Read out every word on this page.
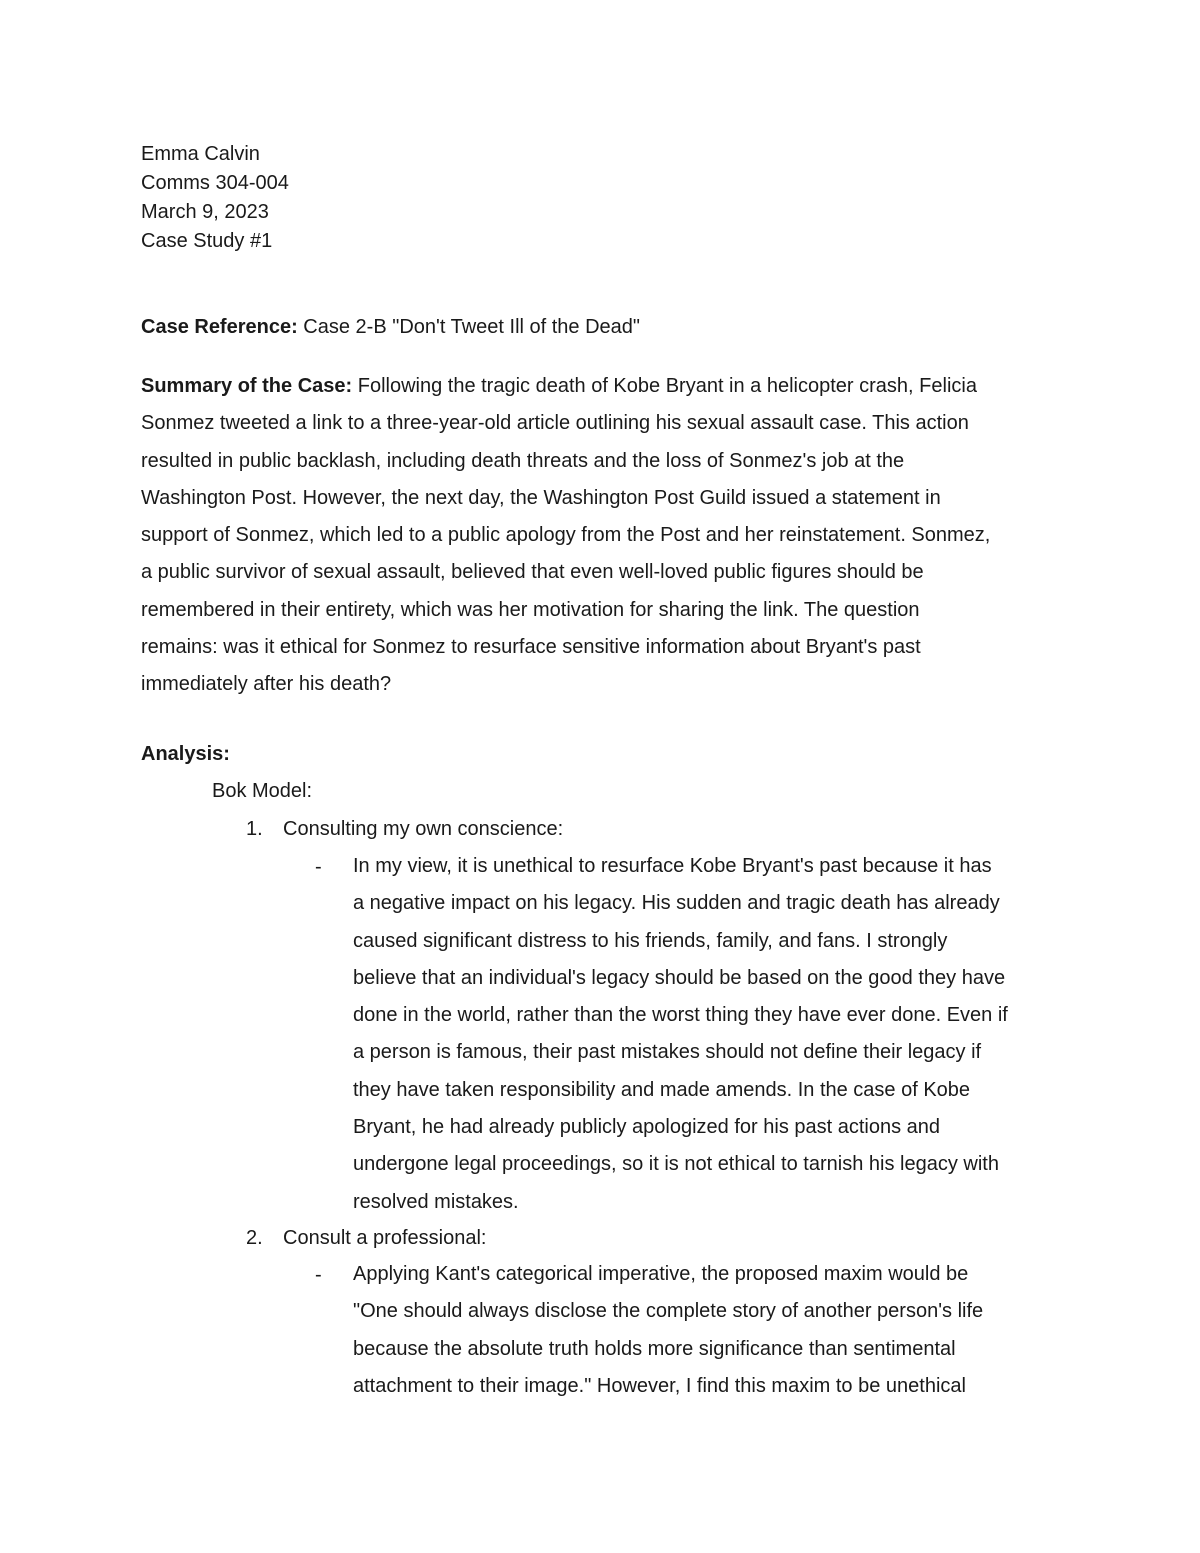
Emma Calvin
Comms 304-004
March 9, 2023
Case Study #1
Case Reference: Case 2-B "Don't Tweet Ill of the Dead"
Summary of the Case: Following the tragic death of Kobe Bryant in a helicopter crash, Felicia
Sonmez tweeted a link to a three-year-old article outlining his sexual assault case. This action
resulted in public backlash, including death threats and the loss of Sonmez's job at the
Washington Post. However, the next day, the Washington Post Guild issued a statement in
support of Sonmez, which led to a public apology from the Post and her reinstatement. Sonmez,
a public survivor of sexual assault, believed that even well-loved public figures should be
remembered in their entirety, which was her motivation for sharing the link. The question
remains: was it ethical for Sonmez to resurface sensitive information about Bryant's past
immediately after his death?
Analysis:
Bok Model:
1.	Consulting my own conscience:
- In my view, it is unethical to resurface Kobe Bryant's past because it has
a negative impact on his legacy. His sudden and tragic death has already
caused significant distress to his friends, family, and fans. I strongly
believe that an individual's legacy should be based on the good they have
done in the world, rather than the worst thing they have ever done. Even if
a person is famous, their past mistakes should not define their legacy if
they have taken responsibility and made amends. In the case of Kobe
Bryant, he had already publicly apologized for his past actions and
undergone legal proceedings, so it is not ethical to tarnish his legacy with
resolved mistakes.
2.	Consult a professional:
- Applying Kant's categorical imperative, the proposed maxim would be
"One should always disclose the complete story of another person's life
because the absolute truth holds more significance than sentimental
attachment to their image." However, I find this maxim to be unethical
